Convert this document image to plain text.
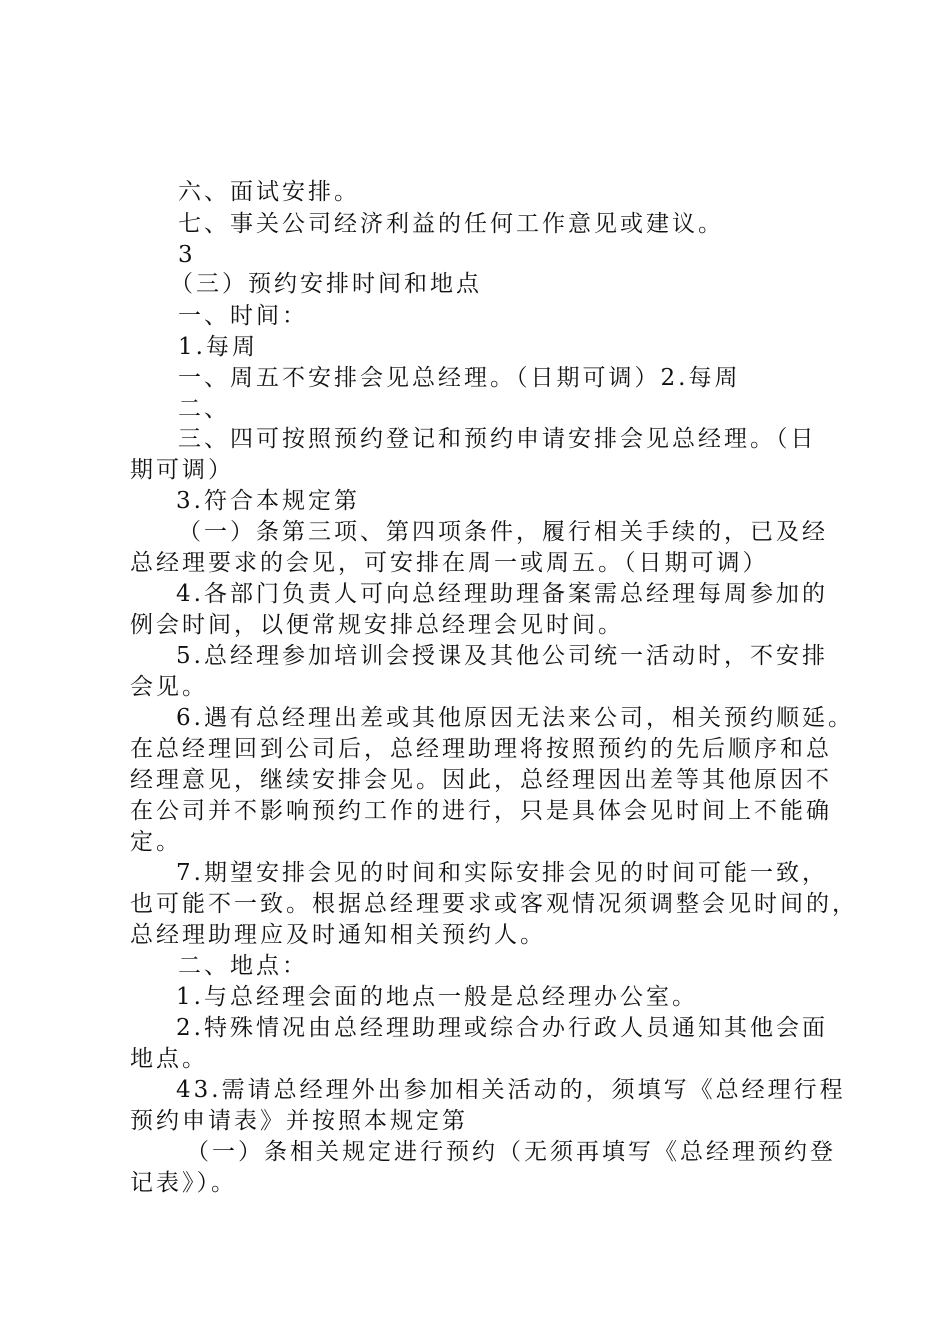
六、面试安排。
七、事关公司经济利益的任何工作意见或建议。
3
（三）预约安排时间和地点
一、时间：
1.每周
一、周五不安排会见总经理。（日期可调）2.每周
二、
三、四可按照预约登记和预约申请安排会见总经理。（日
期可调）
3.符合本规定第
（一）条第三项、第四项条件，履行相关手续的，已及经
总经理要求的会见，可安排在周一或周五。（日期可调）
4.各部门负责人可向总经理助理备案需总经理每周参加的
例会时间，以便常规安排总经理会见时间。
5.总经理参加培训会授课及其他公司统一活动时，不安排
会见。
6.遇有总经理出差或其他原因无法来公司，相关预约顺延。
在总经理回到公司后，总经理助理将按照预约的先后顺序和总
经理意见，继续安排会见。因此，总经理因出差等其他原因不
在公司并不影响预约工作的进行，只是具体会见时间上不能确
定。
7.期望安排会见的时间和实际安排会见的时间可能一致，
也可能不一致。根据总经理要求或客观情况须调整会见时间的，
总经理助理应及时通知相关预约人。
二、地点：
1.与总经理会面的地点一般是总经理办公室。
2.特殊情况由总经理助理或综合办行政人员通知其他会面
地点。
43.需请总经理外出参加相关活动的，须填写《总经理行程
预约申请表》并按照本规定第
（一）条相关规定进行预约（无须再填写《总经理预约登
记表》）。
